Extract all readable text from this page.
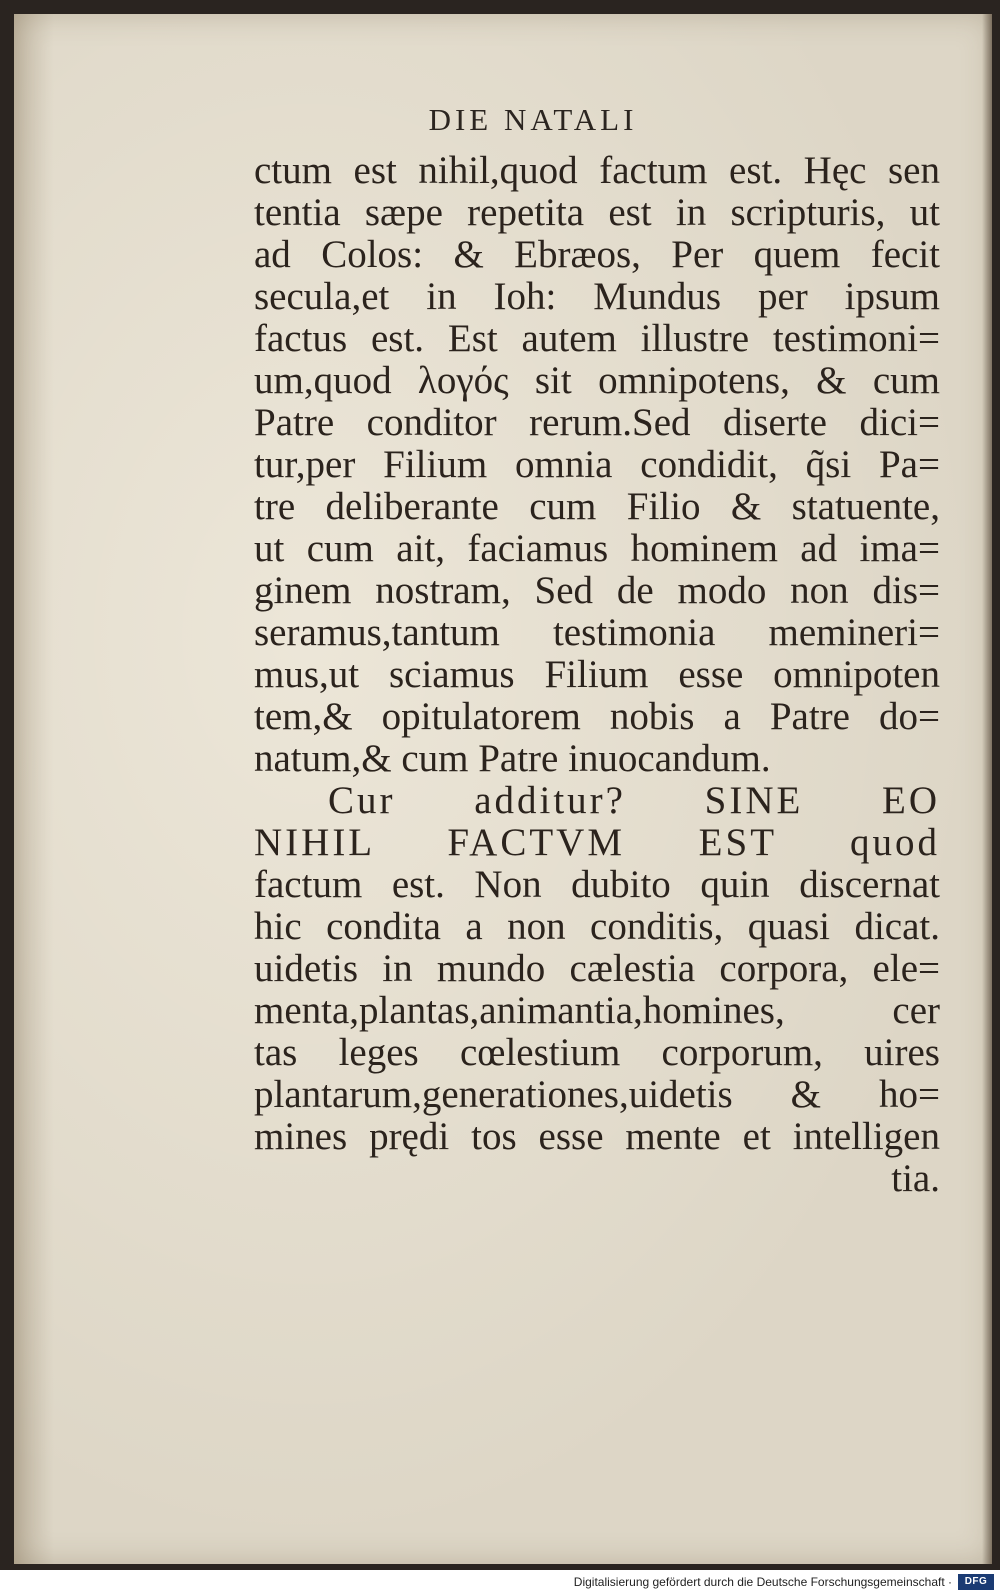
DIE NATALI
ctum est nihil,quod factum est. Hęc sen
tentia sæpe repetita est in scripturis, ut
ad Colos: & Ebræos, Per quem fecit
secula,et in Ioh: Mundus per ipsum
factus est. Est autem illustre testimoni=
um,quod λογός sit omnipotens, & cum
Patre conditor rerum.Sed diserte dici=
tur,per Filium omnia condidit, q̃si Pa=
tre deliberante cum Filio & statuente,
ut cum ait, faciamus hominem ad ima=
ginem nostram, Sed de modo non dis=
seramus,tantum testimonia memineri=
mus,ut sciamus Filium esse omnipoten
tem,& opitulatorem nobis a Patre do=
natum,& cum Patre inuocandum.
Cur additur? SINE EO
NIHIL FACTVM EST quod
factum est. Non dubito quin discernat
hic condita a non conditis, quasi dicat.
uidetis in mundo cælestia corpora, ele=
menta,plantas,animantia,homines, cer
tas leges cœlestium corporum, uires
plantarum,generationes,uidetis & ho=
mines prędi tos esse mente et intelligen
tia.
Digitalisierung gefördert durch die Deutsche Forschungsgemeinschaft ·	DFG
